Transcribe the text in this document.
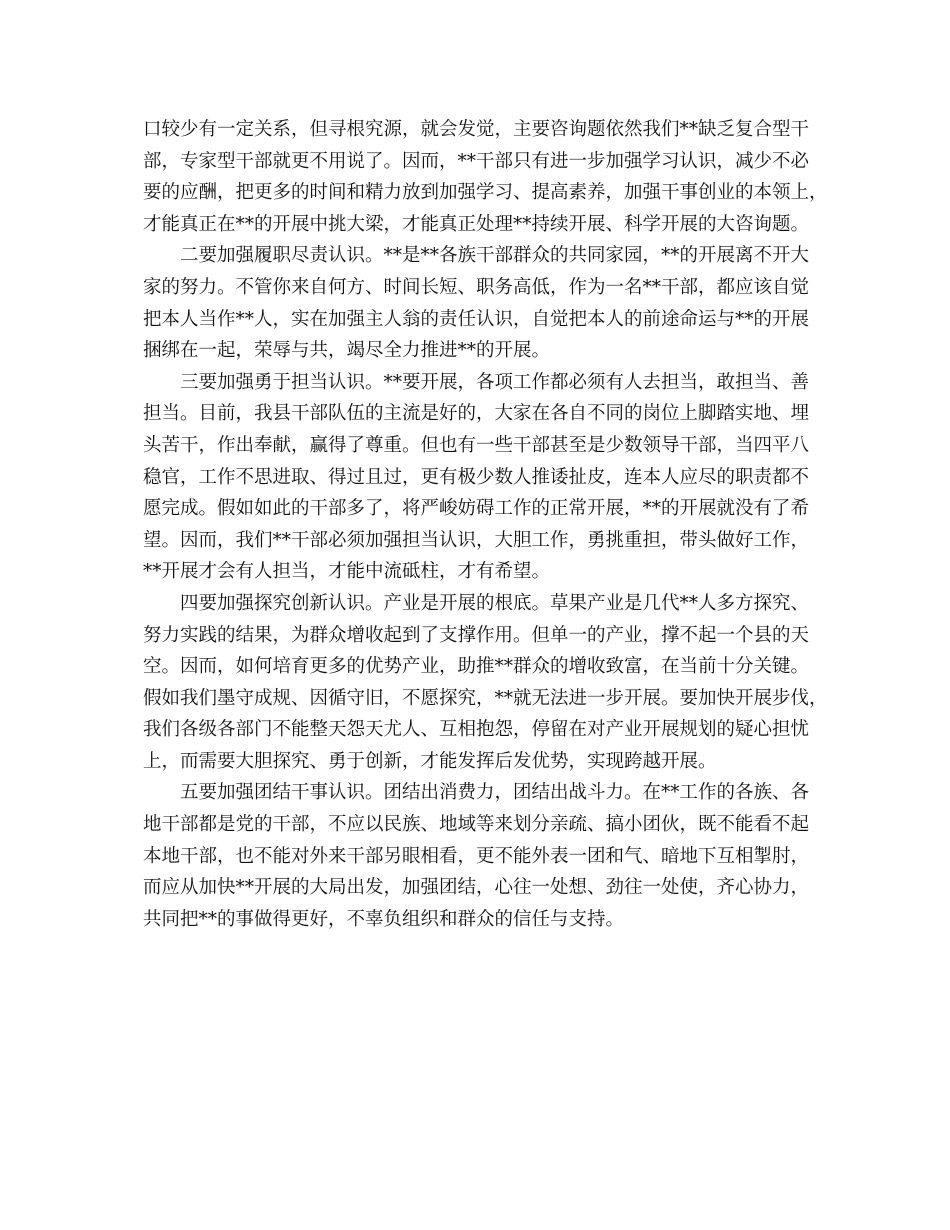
口较少有一定关系，但寻根究源，就会发觉，主要咨询题依然我们**缺乏复合型干
部，专家型干部就更不用说了。因而，**干部只有进一步加强学习认识，减少不必
要的应酬，把更多的时间和精力放到加强学习、提高素养，加强干事创业的本领上，
才能真正在**的开展中挑大梁，才能真正处理**持续开展、科学开展的大咨询题。
二要加强履职尽责认识。**是**各族干部群众的共同家园，**的开展离不开大
家的努力。不管你来自何方、时间长短、职务高低，作为一名**干部，都应该自觉
把本人当作**人，实在加强主人翁的责任认识，自觉把本人的前途命运与**的开展
捆绑在一起，荣辱与共，竭尽全力推进**的开展。
三要加强勇于担当认识。**要开展，各项工作都必须有人去担当，敢担当、善
担当。目前，我县干部队伍的主流是好的，大家在各自不同的岗位上脚踏实地、埋
头苦干，作出奉献，赢得了尊重。但也有一些干部甚至是少数领导干部，当四平八
稳官，工作不思进取、得过且过，更有极少数人推诿扯皮，连本人应尽的职责都不
愿完成。假如如此的干部多了，将严峻妨碍工作的正常开展，**的开展就没有了希
望。因而，我们**干部必须加强担当认识，大胆工作，勇挑重担，带头做好工作，
**开展才会有人担当，才能中流砥柱，才有希望。
四要加强探究创新认识。产业是开展的根底。草果产业是几代**人多方探究、
努力实践的结果，为群众增收起到了支撑作用。但单一的产业，撑不起一个县的天
空。因而，如何培育更多的优势产业，助推**群众的增收致富，在当前十分关键。
假如我们墨守成规、因循守旧，不愿探究，**就无法进一步开展。要加快开展步伐，
我们各级各部门不能整天怨天尤人、互相抱怨，停留在对产业开展规划的疑心担忧
上，而需要大胆探究、勇于创新，才能发挥后发优势，实现跨越开展。
五要加强团结干事认识。团结出消费力，团结出战斗力。在**工作的各族、各
地干部都是党的干部，不应以民族、地域等来划分亲疏、搞小团伙，既不能看不起
本地干部，也不能对外来干部另眼相看，更不能外表一团和气、暗地下互相掣肘，
而应从加快**开展的大局出发，加强团结，心往一处想、劲往一处使，齐心协力，
共同把**的事做得更好，不辜负组织和群众的信任与支持。
